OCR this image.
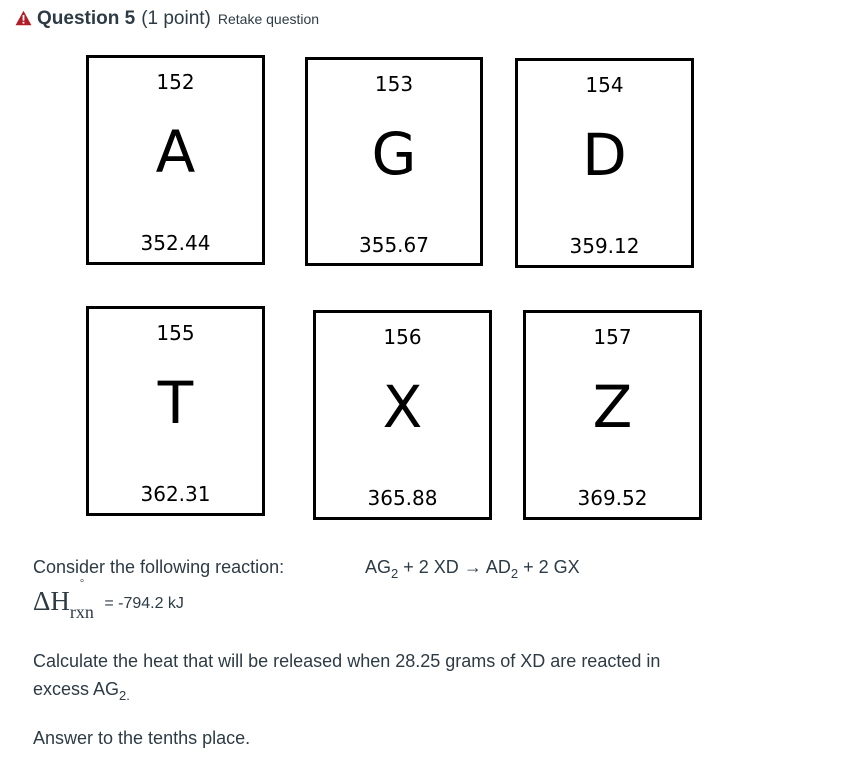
Question 5 (1 point) Retake question
152
A
352.44
153
G
355.67
154
D
359.12
155
T
362.31
156
X
365.88
157
Z
369.52
Consider the following reaction:	$AG_2 + 2$ XD → $AD_2 + 2$ GX
°
ΔHrxn = -794.2 kJ
Calculate the heat that will be released when 28.25 grams of XD are reacted in
excess $AG_{2.}$
Answer to the tenths place.
